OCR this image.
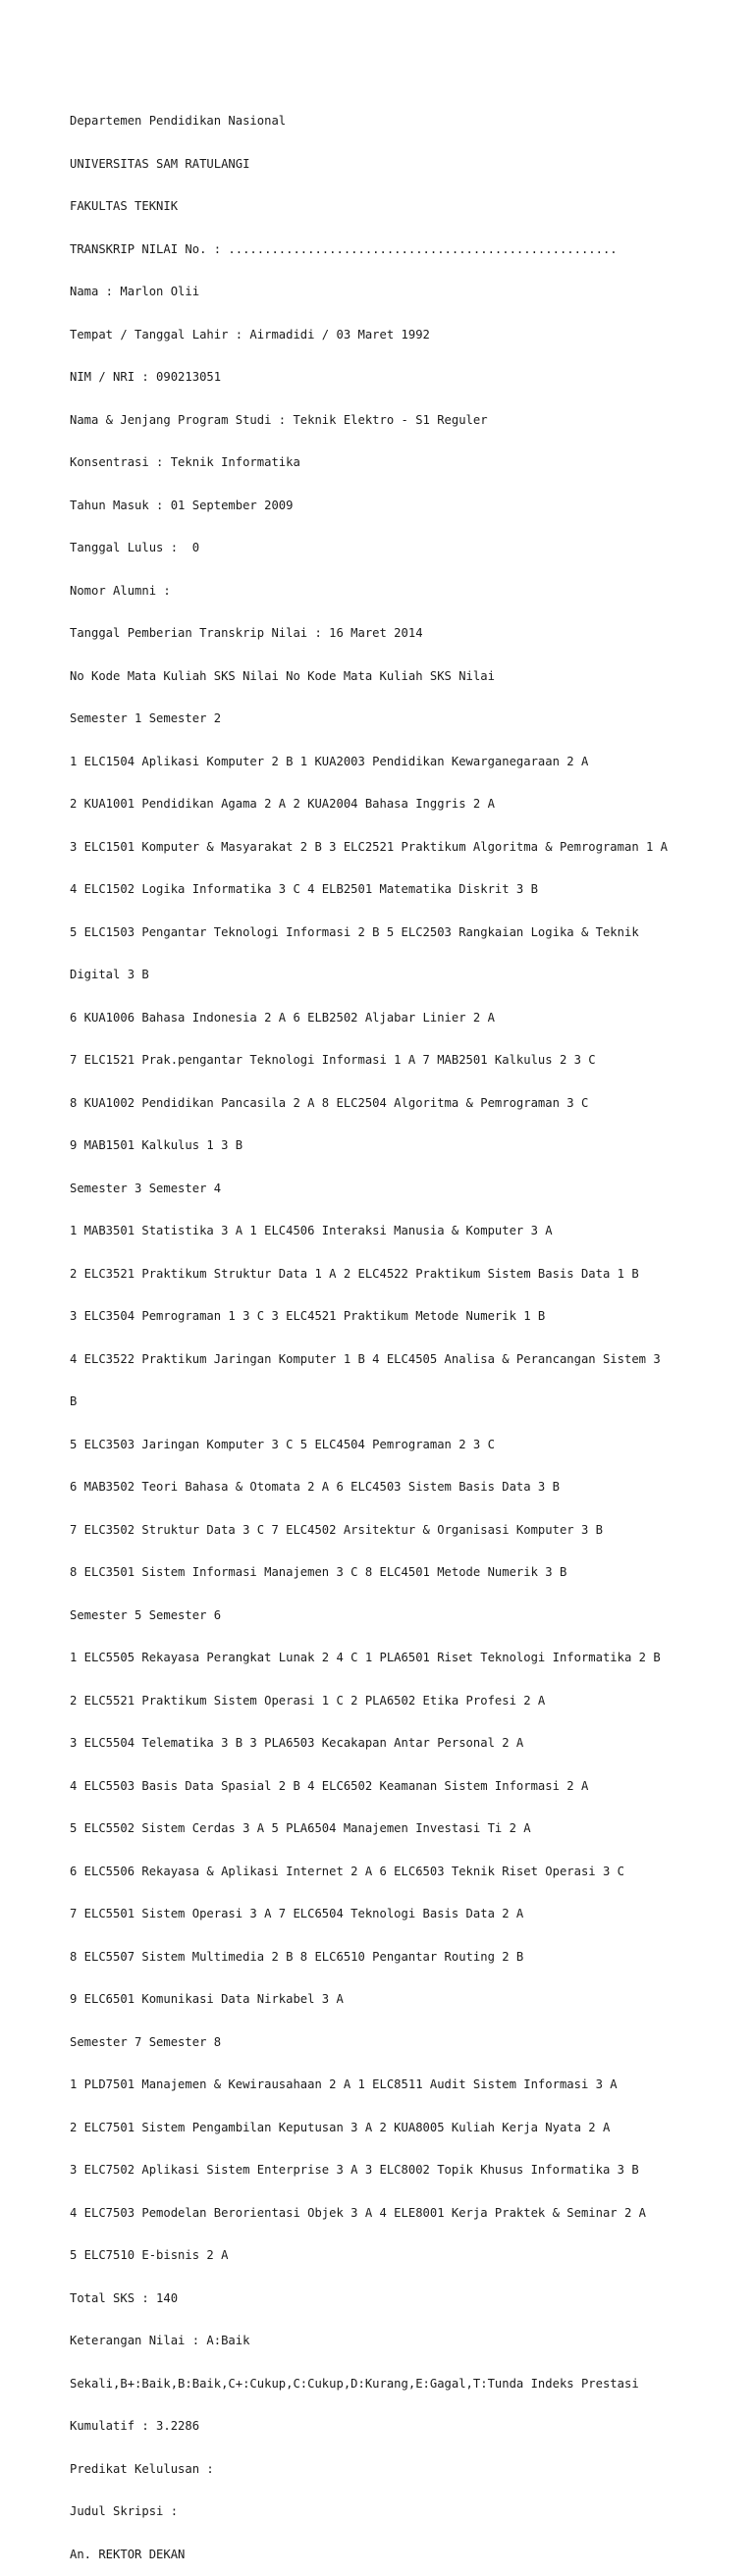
Departemen Pendidikan Nasional

UNIVERSITAS SAM RATULANGI

FAKULTAS TEKNIK

TRANSKRIP NILAI No. : ......................................................

Nama : Marlon Olii

Tempat / Tanggal Lahir : Airmadidi / 03 Maret 1992

NIM / NRI : 090213051

Nama & Jenjang Program Studi : Teknik Elektro - S1 Reguler

Konsentrasi : Teknik Informatika

Tahun Masuk : 01 September 2009

Tanggal Lulus :  0

Nomor Alumni :

Tanggal Pemberian Transkrip Nilai : 16 Maret 2014

No Kode Mata Kuliah SKS Nilai No Kode Mata Kuliah SKS Nilai

Semester 1 Semester 2

1 ELC1504 Aplikasi Komputer 2 B 1 KUA2003 Pendidikan Kewarganegaraan 2 A

2 KUA1001 Pendidikan Agama 2 A 2 KUA2004 Bahasa Inggris 2 A

3 ELC1501 Komputer & Masyarakat 2 B 3 ELC2521 Praktikum Algoritma & Pemrograman 1 A

4 ELC1502 Logika Informatika 3 C 4 ELB2501 Matematika Diskrit 3 B

5 ELC1503 Pengantar Teknologi Informasi 2 B 5 ELC2503 Rangkaian Logika & Teknik

Digital 3 B

6 KUA1006 Bahasa Indonesia 2 A 6 ELB2502 Aljabar Linier 2 A

7 ELC1521 Prak.pengantar Teknologi Informasi 1 A 7 MAB2501 Kalkulus 2 3 C

8 KUA1002 Pendidikan Pancasila 2 A 8 ELC2504 Algoritma & Pemrograman 3 C

9 MAB1501 Kalkulus 1 3 B

Semester 3 Semester 4

1 MAB3501 Statistika 3 A 1 ELC4506 Interaksi Manusia & Komputer 3 A

2 ELC3521 Praktikum Struktur Data 1 A 2 ELC4522 Praktikum Sistem Basis Data 1 B

3 ELC3504 Pemrograman 1 3 C 3 ELC4521 Praktikum Metode Numerik 1 B

4 ELC3522 Praktikum Jaringan Komputer 1 B 4 ELC4505 Analisa & Perancangan Sistem 3

B

5 ELC3503 Jaringan Komputer 3 C 5 ELC4504 Pemrograman 2 3 C

6 MAB3502 Teori Bahasa & Otomata 2 A 6 ELC4503 Sistem Basis Data 3 B

7 ELC3502 Struktur Data 3 C 7 ELC4502 Arsitektur & Organisasi Komputer 3 B

8 ELC3501 Sistem Informasi Manajemen 3 C 8 ELC4501 Metode Numerik 3 B

Semester 5 Semester 6

1 ELC5505 Rekayasa Perangkat Lunak 2 4 C 1 PLA6501 Riset Teknologi Informatika 2 B

2 ELC5521 Praktikum Sistem Operasi 1 C 2 PLA6502 Etika Profesi 2 A

3 ELC5504 Telematika 3 B 3 PLA6503 Kecakapan Antar Personal 2 A

4 ELC5503 Basis Data Spasial 2 B 4 ELC6502 Keamanan Sistem Informasi 2 A

5 ELC5502 Sistem Cerdas 3 A 5 PLA6504 Manajemen Investasi Ti 2 A

6 ELC5506 Rekayasa & Aplikasi Internet 2 A 6 ELC6503 Teknik Riset Operasi 3 C

7 ELC5501 Sistem Operasi 3 A 7 ELC6504 Teknologi Basis Data 2 A

8 ELC5507 Sistem Multimedia 2 B 8 ELC6510 Pengantar Routing 2 B

9 ELC6501 Komunikasi Data Nirkabel 3 A

Semester 7 Semester 8

1 PLD7501 Manajemen & Kewirausahaan 2 A 1 ELC8511 Audit Sistem Informasi 3 A

2 ELC7501 Sistem Pengambilan Keputusan 3 A 2 KUA8005 Kuliah Kerja Nyata 2 A

3 ELC7502 Aplikasi Sistem Enterprise 3 A 3 ELC8002 Topik Khusus Informatika 3 B

4 ELC7503 Pemodelan Berorientasi Objek 3 A 4 ELE8001 Kerja Praktek & Seminar 2 A

5 ELC7510 E-bisnis 2 A

Total SKS : 140

Keterangan Nilai : A:Baik

Sekali,B+:Baik,B:Baik,C+:Cukup,C:Cukup,D:Kurang,E:Gagal,T:Tunda Indeks Prestasi

Kumulatif : 3.2286

Predikat Kelulusan :

Judul Skripsi :

An. REKTOR DEKAN
